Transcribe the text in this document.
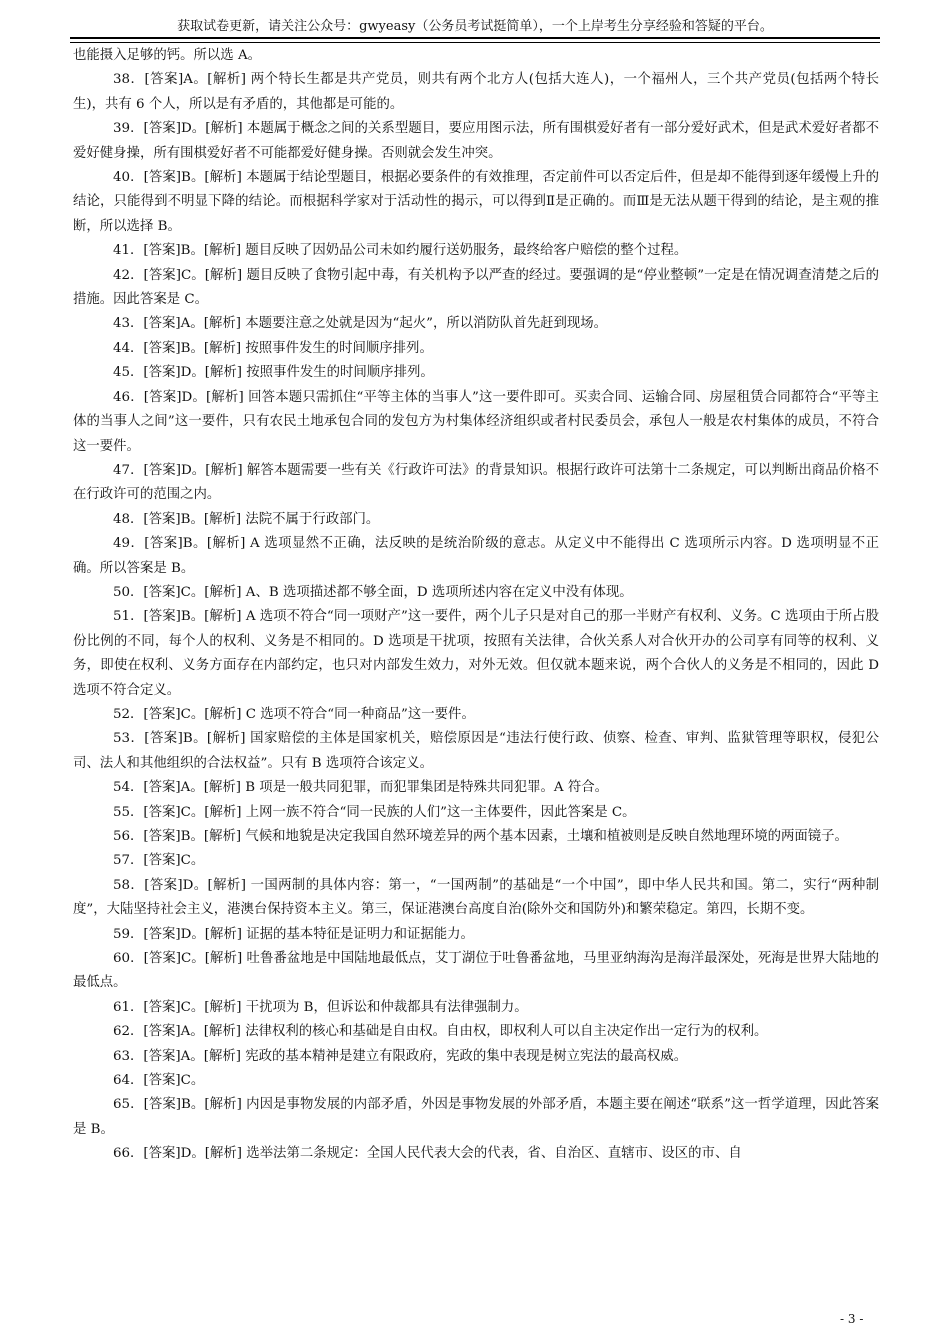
获取试卷更新，请关注公众号：gwyeasy（公务员考试挺简单），一个上岸考生分享经验和答疑的平台。

也能摄入足够的钙。所以选 A。

38．[答案]A。[解析] 两个特长生都是共产党员，则共有两个北方人(包括大连人)，一个福州人，三个共产党员(包括两个特长生)，共有 6 个人，所以是有矛盾的，其他都是可能的。

39．[答案]D。[解析] 本题属于概念之间的关系型题目，要应用图示法，所有围棋爱好者有一部分爱好武术，但是武术爱好者都不爱好健身操，所有围棋爱好者不可能都爱好健身操。否则就会发生冲突。

40．[答案]B。[解析] 本题属于结论型题目，根据必要条件的有效推理，否定前件可以否定后件，但是却不能得到逐年缓慢上升的结论，只能得到不明显下降的结论。而根据科学家对于活动性的揭示，可以得到Ⅱ是正确的。而Ⅲ是无法从题干得到的结论，是主观的推断，所以选择 B。

41．[答案]B。[解析] 题目反映了因奶品公司未如约履行送奶服务，最终给客户赔偿的整个过程。

42．[答案]C。[解析] 题目反映了食物引起中毒，有关机构予以严查的经过。要强调的是“停业整顿”一定是在情况调查清楚之后的措施。因此答案是 C。

43．[答案]A。[解析] 本题要注意之处就是因为“起火”，所以消防队首先赶到现场。

44．[答案]B。[解析] 按照事件发生的时间顺序排列。

45．[答案]D。[解析] 按照事件发生的时间顺序排列。

46．[答案]D。[解析] 回答本题只需抓住“平等主体的当事人”这一要件即可。买卖合同、运输合同、房屋租赁合同都符合“平等主体的当事人之间”这一要件，只有农民土地承包合同的发包方为村集体经济组织或者村民委员会，承包人一般是农村集体的成员，不符合这一要件。

47．[答案]D。[解析] 解答本题需要一些有关《行政许可法》的背景知识。根据行政许可法第十二条规定，可以判断出商品价格不在行政许可的范围之内。

48．[答案]B。[解析] 法院不属于行政部门。

49．[答案]B。[解析] A 选项显然不正确，法反映的是统治阶级的意志。从定义中不能得出 C 选项所示内容。D 选项明显不正确。所以答案是 B。

50．[答案]C。[解析] A、B 选项描述都不够全面，D 选项所述内容在定义中没有体现。

51．[答案]B。[解析] A 选项不符合“同一项财产”这一要件，两个儿子只是对自己的那一半财产有权利、义务。C 选项由于所占股份比例的不同，每个人的权利、义务是不相同的。D 选项是干扰项，按照有关法律，合伙关系人对合伙开办的公司享有同等的权利、义务，即使在权利、义务方面存在内部约定，也只对内部发生效力，对外无效。但仅就本题来说，两个合伙人的义务是不相同的，因此 D 选项不符合定义。

52．[答案]C。[解析] C 选项不符合“同一种商品”这一要件。

53．[答案]B。[解析] 国家赔偿的主体是国家机关，赔偿原因是“违法行使行政、侦察、检查、审判、监狱管理等职权，侵犯公司、法人和其他组织的合法权益”。只有 B 选项符合该定义。

54．[答案]A。[解析] B 项是一般共同犯罪，而犯罪集团是特殊共同犯罪。A 符合。

55．[答案]C。[解析] 上网一族不符合“同一民族的人们”这一主体要件，因此答案是 C。

56．[答案]B。[解析] 气候和地貌是决定我国自然环境差异的两个基本因素，土壤和植被则是反映自然地理环境的两面镜子。

57．[答案]C。

58．[答案]D。[解析] 一国两制的具体内容：第一，“一国两制”的基础是“一个中国”，即中华人民共和国。第二，实行“两种制度”，大陆坚持社会主义，港澳台保持资本主义。第三，保证港澳台高度自治(除外交和国防外)和繁荣稳定。第四，长期不变。

59．[答案]D。[解析] 证据的基本特征是证明力和证据能力。

60．[答案]C。[解析] 吐鲁番盆地是中国陆地最低点，艾丁湖位于吐鲁番盆地，马里亚纳海沟是海洋最深处，死海是世界大陆地的最低点。

61．[答案]C。[解析] 干扰项为 B，但诉讼和仲裁都具有法律强制力。

62．[答案]A。[解析] 法律权利的核心和基础是自由权。自由权，即权利人可以自主决定作出一定行为的权利。

63．[答案]A。[解析] 宪政的基本精神是建立有限政府，宪政的集中表现是树立宪法的最高权威。

64．[答案]C。

65．[答案]B。[解析] 内因是事物发展的内部矛盾，外因是事物发展的外部矛盾，本题主要在阐述“联系”这一哲学道理，因此答案是 B。

66．[答案]D。[解析] 选举法第二条规定：全国人民代表大会的代表，省、自治区、直辖市、设区的市、自

- 3 -
